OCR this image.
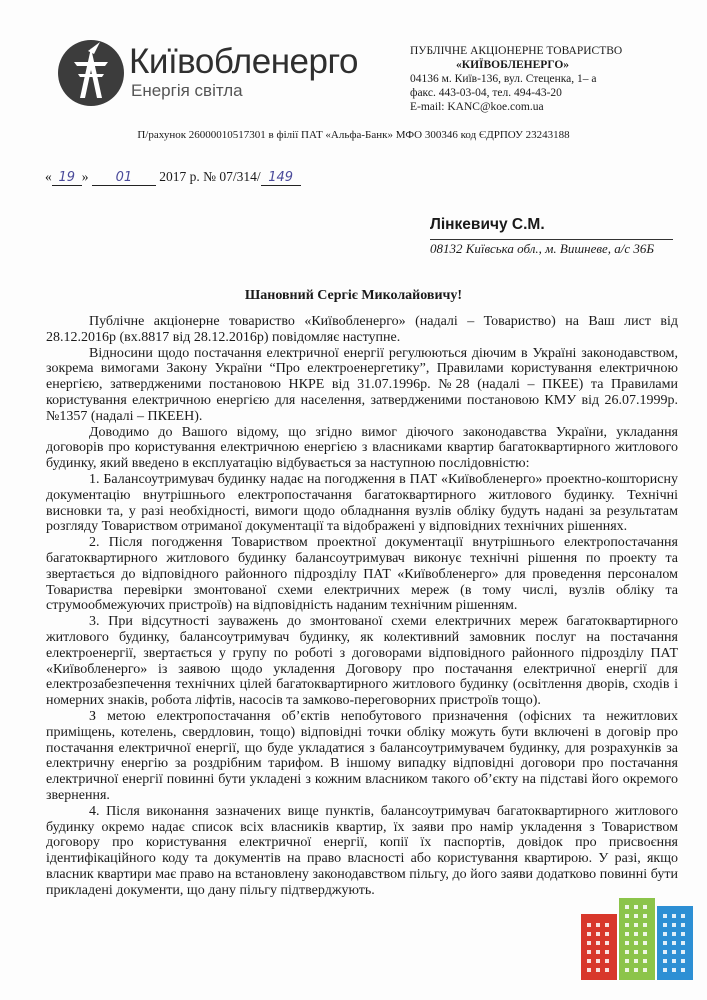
Київобленерго
Енергія світла
ПУБЛІЧНЕ АКЦІОНЕРНЕ ТОВАРИСТВО
«КИЇВОБЛЕНЕРГО»
04136 м. Київ-136, вул. Стеценка, 1– а
факс. 443-03-04, тел. 494-43-20
E-mail: KANC@koe.com.ua
П/рахунок 26000010517301 в філії ПАТ «Альфа-Банк» МФО 300346 код ЄДРПОУ 23243188
« 19 » 01 2017 р. № 07/314/ 149
Лінкевичу С.М.
08132 Київська обл., м. Вишневе, а/с 36Б
Шановний Сергіє Миколайовичу!

Публічне акціонерне товариство «Київобленерго» (надалі – Товариство) на Ваш лист від 28.12.2016р (вх.8817 від 28.12.2016р) повідомляє наступне.

Відносини щодо постачання електричної енергії регулюються діючим в Україні законодавством, зокрема вимогами Закону України “Про електроенергетику”, Правилами користування електричною енергією, затвердженими постановою НКРЕ від 31.07.1996р. №28 (надалі – ПКЕЕ) та Правилами користування електричною енергією для населення, затвердженими постановою КМУ від 26.07.1999р. №1357 (надалі – ПКЕЕН).

Доводимо до Вашого відому, що згідно вимог діючого законодавства України, укладання договорів про користування електричною енергією з власниками квартир багатоквартирного житлового будинку, який введено в експлуатацію відбувається за наступною послідовністю:

1. Балансоутримувач будинку надає на погодження в ПАТ «Київобленерго» проектно-кошторисну документацію внутрішнього електропостачання багатоквартирного житлового будинку. Технічні висновки та, у разі необхідності, вимоги щодо обладнання вузлів обліку будуть надані за результатам розгляду Товариством отриманої документації та відображені у відповідних технічних рішеннях.

2. Після погодження Товариством проектної документації внутрішнього електропостачання багатоквартирного житлового будинку балансоутримувач виконує технічні рішення по проекту та звертається до відповідного районного підрозділу ПАТ «Київобленерго» для проведення персоналом Товариства перевірки змонтованої схеми електричних мереж (в тому числі, вузлів обліку та струмообмежуючих пристроїв) на відповідність наданим технічним рішенням.

3. При відсутності зауважень до змонтованої схеми електричних мереж багатоквартирного житлового будинку, балансоутримувач будинку, як колективний замовник послуг на постачання електроенергії, звертається у групу по роботі з договорами відповідного районного підрозділу ПАТ «Київобленерго» із заявою щодо укладення Договору про постачання електричної енергії для електрозабезпечення технічних цілей багатоквартирного житлового будинку (освітлення дворів, сходів і номерних знаків, робота ліфтів, насосів та замково-переговорних пристроїв тощо).

З метою електропостачання об’єктів непобутового призначення (офісних та нежитлових приміщень, котелень, свердловин, тощо) відповідні точки обліку можуть бути включені в договір про постачання електричної енергії, що буде укладатися з балансоутримувачем будинку, для розрахунків за електричну енергію за роздрібним тарифом. В іншому випадку відповідні договори про постачання електричної енергії повинні бути укладені з кожним власником такого об’єкту на підставі його окремого звернення.

4. Після виконання зазначених вище пунктів, балансоутримувач багатоквартирного житлового будинку окремо надає список всіх власників квартир, їх заяви про намір укладення з Товариством договору про користування електричної енергії, копії їх паспортів, довідок про присвоєння ідентифікаційного коду та документів на право власності або користування квартирою. У разі, якщо власник квартири має право на встановлену законодавством пільгу, до його заяви додатково повинні бути прикладені документи, що дану пільгу підтверджують.
